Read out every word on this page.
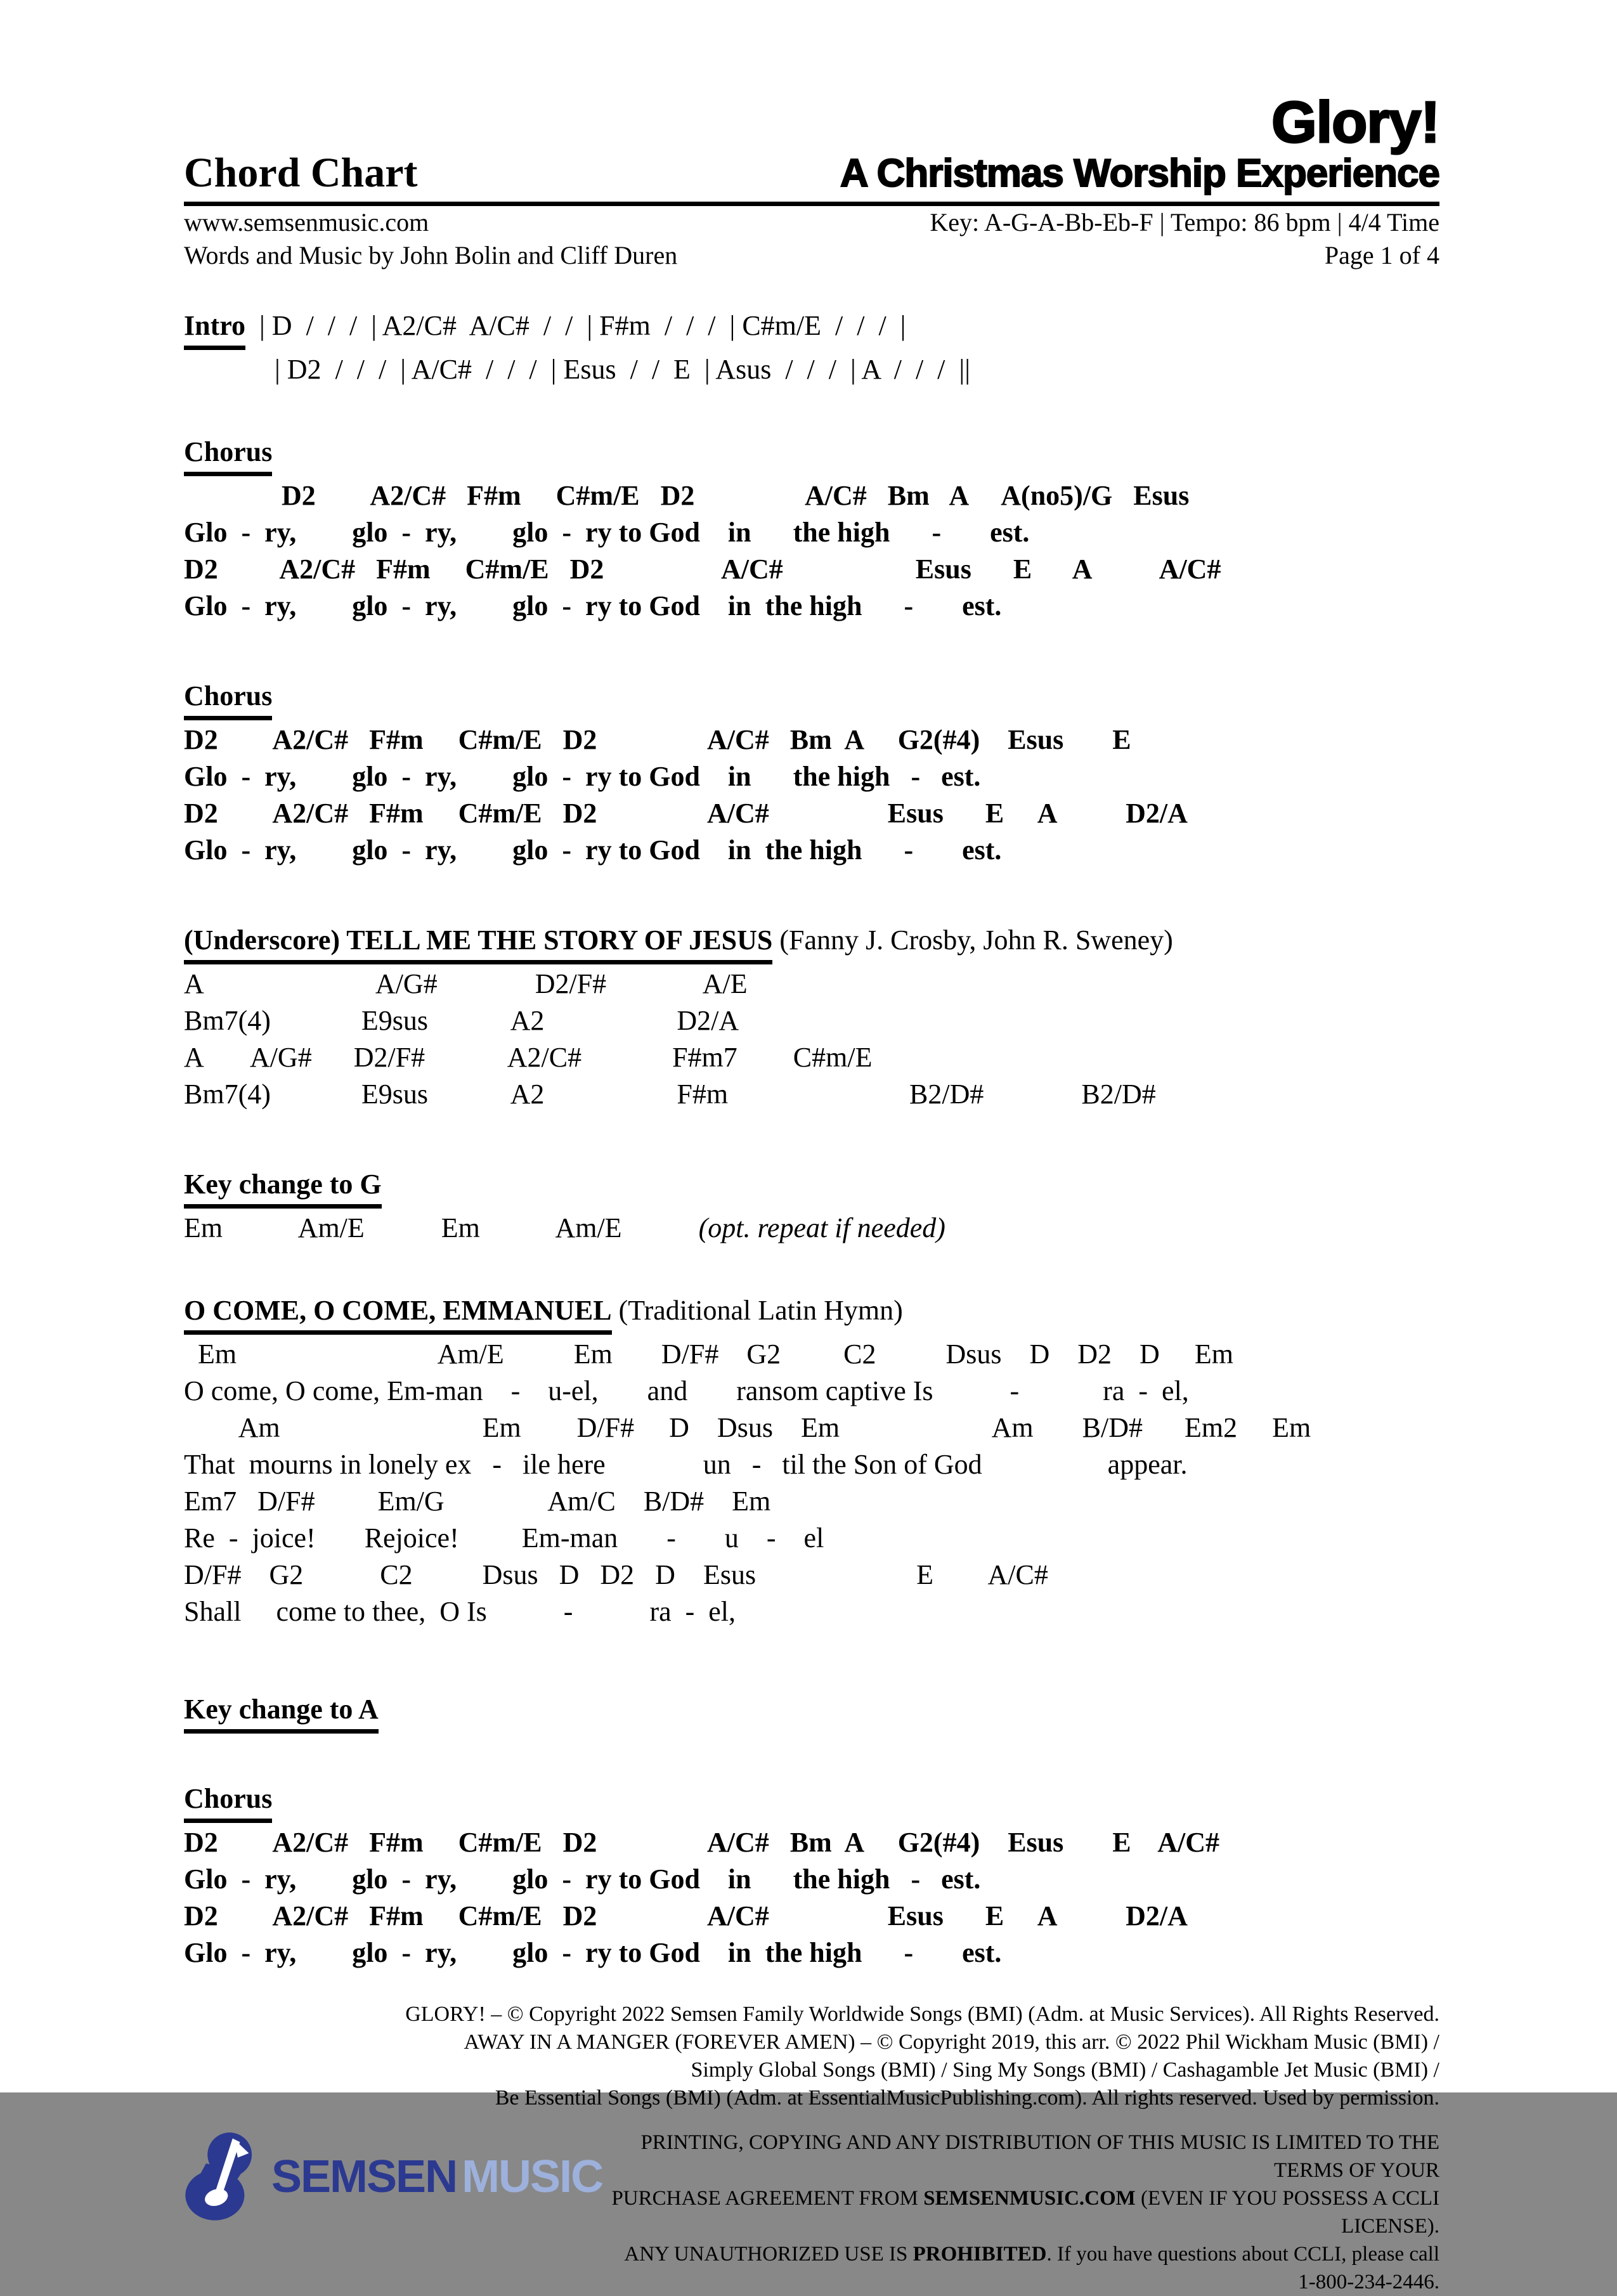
Chord Chart
Glory!
A Christmas Worship Experience
www.semsenmusic.com	Key: A-G-A-Bb-Eb-F | Tempo: 86 bpm | 4/4 Time
Words and Music by John Bolin and Cliff Duren	Page 1 of 4
Intro  | D  /  /  /  | A2/C#  A/C#  /  /  | F#m  /  /  /  | C#m/E  /  /  /  |
| D2  /  /  /  | A/C#  /  /  /  | Esus  /  /  E  | Asus  /  /  /  | A  /  /  /  ||
Chorus
D2        A2/C#   F#m     C#m/E   D2                A/C#   Bm   A     A(no5)/G   Esus
Glo  -  ry,        glo  -  ry,        glo  -  ry to God    in      the high      -       est.
D2         A2/C#   F#m     C#m/E   D2                 A/C#                   Esus      E      A          A/C#
Glo  -  ry,        glo  -  ry,        glo  -  ry to God    in  the high      -       est.
Chorus
D2        A2/C#   F#m     C#m/E   D2                A/C#   Bm  A     G2(#4)    Esus       E
Glo  -  ry,        glo  -  ry,        glo  -  ry to God    in      the high   -   est.
D2        A2/C#   F#m     C#m/E   D2                A/C#                 Esus      E     A          D2/A
Glo  -  ry,        glo  -  ry,        glo  -  ry to God    in  the high      -       est.
(Underscore) TELL ME THE STORY OF JESUS (Fanny J. Crosby, John R. Sweney)
A                         A/G#              D2/F#              A/E
Bm7(4)             E9sus            A2                   D2/A
A       A/G#      D2/F#            A2/C#             F#m7        C#m/E
Bm7(4)             E9sus            A2                   F#m                          B2/D#              B2/D#
Key change to G
Em           Am/E           Em           Am/E           (opt. repeat if needed)
O COME, O COME, EMMANUEL (Traditional Latin Hymn)
Em                             Am/E          Em       D/F#    G2         C2          Dsus    D    D2    D     Em
O come, O come, Em-man    -    u-el,       and       ransom captive Is           -            ra  -  el,
Am                             Em        D/F#     D    Dsus    Em                      Am       B/D#      Em2     Em
That  mourns in lonely ex   -   ile here              un   -   til the Son of God                  appear.
Em7   D/F#         Em/G               Am/C    B/D#    Em
Re  -  joice!       Rejoice!         Em-man       -       u    -    el
D/F#    G2           C2          Dsus   D   D2   D    Esus                       E        A/C#
Shall     come to thee,  O Is           -           ra  -  el,
Key change to A
Chorus
D2        A2/C#   F#m     C#m/E   D2                A/C#   Bm  A     G2(#4)    Esus       E    A/C#
Glo  -  ry,        glo  -  ry,        glo  -  ry to God    in      the high   -   est.
D2        A2/C#   F#m     C#m/E   D2                A/C#                 Esus      E     A          D2/A
Glo  -  ry,        glo  -  ry,        glo  -  ry to God    in  the high      -       est.
GLORY! – © Copyright 2022 Semsen Family Worldwide Songs (BMI) (Adm. at Music Services). All Rights Reserved.
AWAY IN A MANGER (FOREVER AMEN) – © Copyright 2019, this arr. © 2022 Phil Wickham Music (BMI) /
Simply Global Songs (BMI) / Sing My Songs (BMI) / Cashagamble Jet Music (BMI) /
Be Essential Songs (BMI) (Adm. at EssentialMusicPublishing.com). All rights reserved. Used by permission.
SEMSEN MUSIC
PRINTING, COPYING AND ANY DISTRIBUTION OF THIS MUSIC IS LIMITED TO THE TERMS OF YOUR
PURCHASE AGREEMENT FROM SEMSENMUSIC.COM (EVEN IF YOU POSSESS A CCLI LICENSE).
ANY UNAUTHORIZED USE IS PROHIBITED. If you have questions about CCLI, please call 1-800-234-2446.
